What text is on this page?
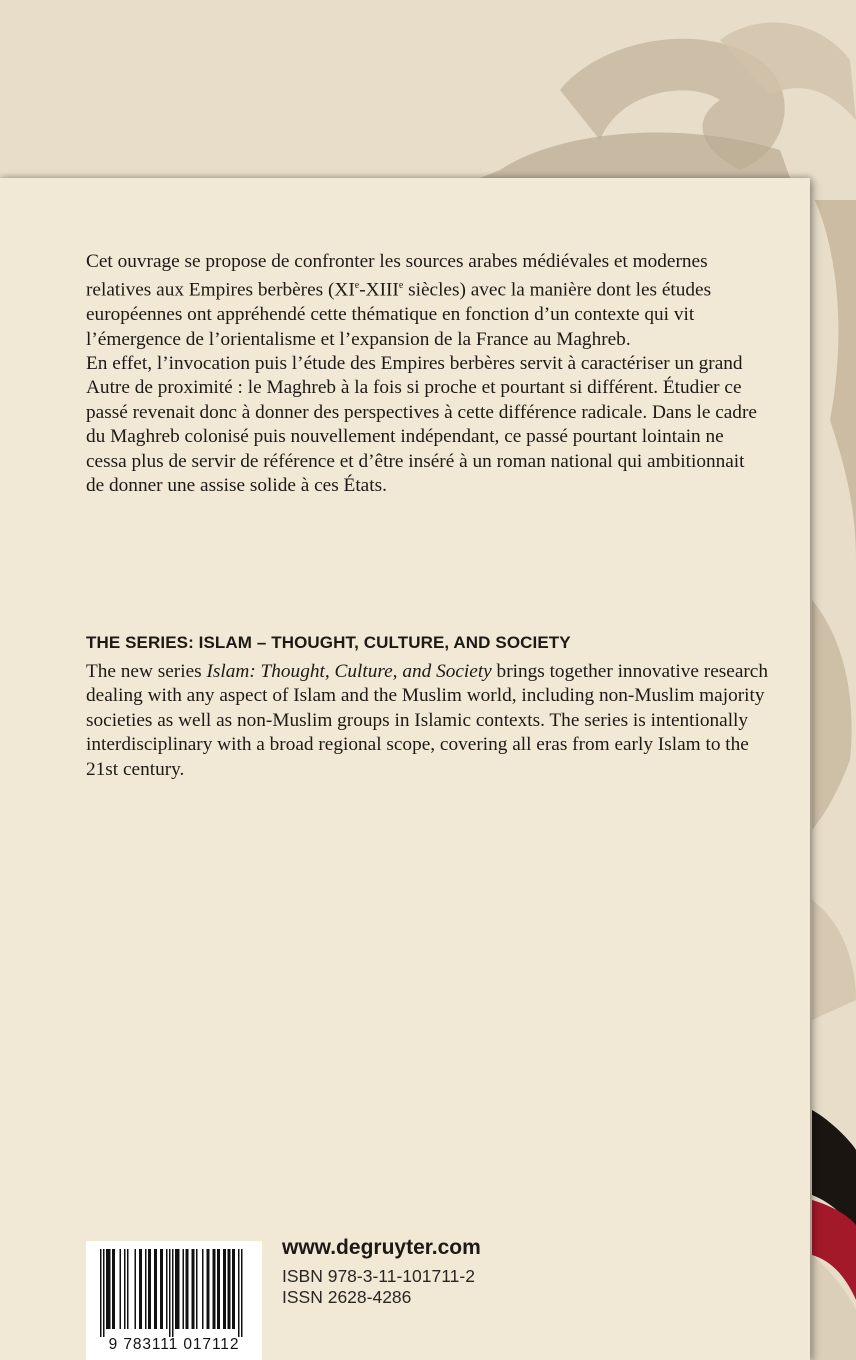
Cet ouvrage se propose de confronter les sources arabes médiévales et modernes relatives aux Empires berbères (XIe-XIIIe siècles) avec la manière dont les études européennes ont appréhendé cette thématique en fonction d’un contexte qui vit l’émergence de l’orientalisme et l’expansion de la France au Maghreb.

En effet, l’invocation puis l’étude des Empires berbères servit à caractériser un grand Autre de proximité : le Maghreb à la fois si proche et pourtant si différent. Étudier ce passé revenait donc à donner des perspectives à cette différence radicale. Dans le cadre du Maghreb colonisé puis nouvellement indépendant, ce passé pourtant lointain ne cessa plus de servir de référence et d’être inséré à un roman national qui ambitionnait de donner une assise solide à ces États.

THE SERIES: ISLAM – THOUGHT, CULTURE, AND SOCIETY

The new series Islam: Thought, Culture, and Society brings together innovative research dealing with any aspect of Islam and the Muslim world, including non-Muslim majority societies as well as non-Muslim groups in Islamic contexts. The series is intentionally interdisciplinary with a broad regional scope, covering all eras from early Islam to the 21st century.

9 783111 017112
www.degruyter.com
ISBN 978-3-11-101711-2
ISSN 2628-4286
